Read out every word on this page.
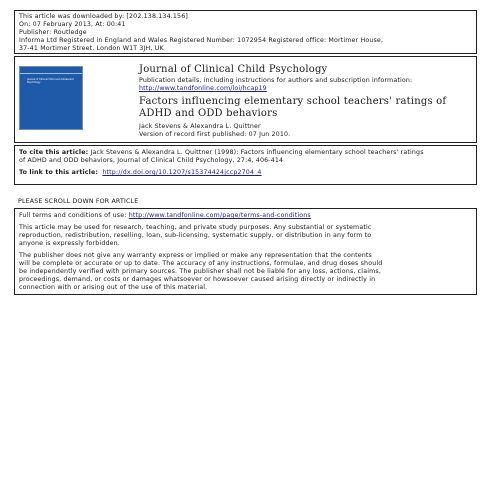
This article was downloaded by: [202.138.134.156]
On: 07 February 2013, At: 00:41
Publisher: Routledge
Informa Ltd Registered in England and Wales Registered Number: 1072954 Registered office: Mortimer House,
37-41 Mortimer Street, London W1T 3JH, UK
Journal of Clinical Child and Adolescent Psychology
Journal of Clinical Child Psychology
Publication details, including instructions for authors and subscription information:
http://www.tandfonline.com/loi/hcap19
Factors influencing elementary school teachers' ratings of ADHD and ODD behaviors
Jack Stevens & Alexandra L. Quittner
Version of record first published: 07 Jun 2010.
To cite this article: Jack Stevens & Alexandra L. Quittner (1998): Factors influencing elementary school teachers' ratings
of ADHD and ODD behaviors, Journal of Clinical Child Psychology, 27:4, 406-414
To link to this article: http://dx.doi.org/10.1207/s15374424jccp2704_4
PLEASE SCROLL DOWN FOR ARTICLE
Full terms and conditions of use: http://www.tandfonline.com/page/terms-and-conditions
This article may be used for research, teaching, and private study purposes. Any substantial or systematic
reproduction, redistribution, reselling, loan, sub-licensing, systematic supply, or distribution in any form to
anyone is expressly forbidden.
The publisher does not give any warranty express or implied or make any representation that the contents
will be complete or accurate or up to date. The accuracy of any instructions, formulae, and drug doses should
be independently verified with primary sources. The publisher shall not be liable for any loss, actions, claims,
proceedings, demand, or costs or damages whatsoever or howsoever caused arising directly or indirectly in
connection with or arising out of the use of this material.
